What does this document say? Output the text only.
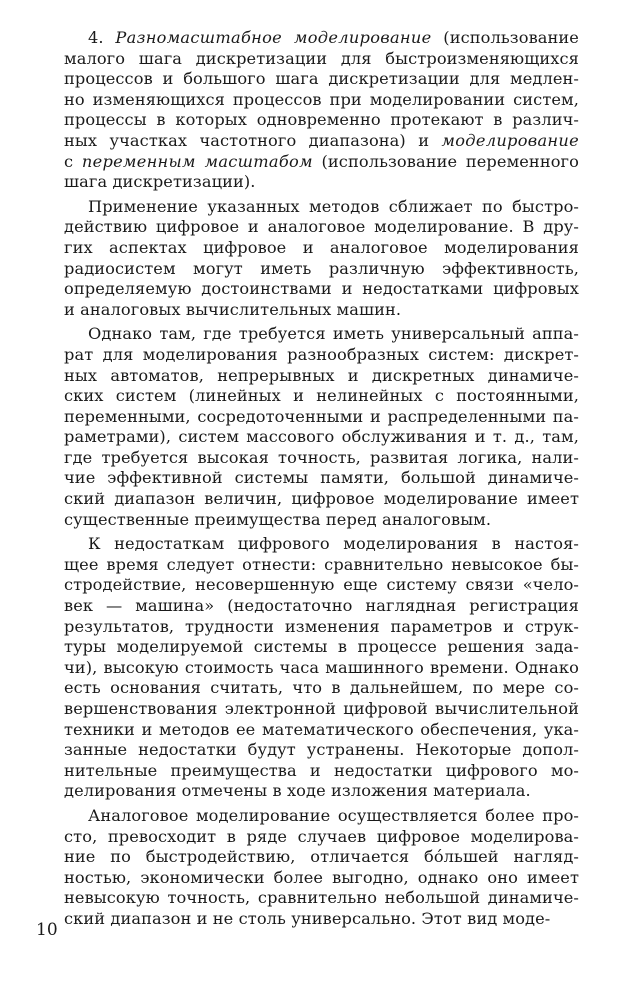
4. Разномасштабное моделирование (использование
малого шага дискретизации для быстроизменяющихся
процессов и большого шага дискретизации для медлен-
но изменяющихся процессов при моделировании систем,
процессы в которых одновременно протекают в различ-
ных участках частотного диапазона) и моделирование
с переменным масштабом (использование переменного
шага дискретизации).
Применение указанных методов сближает по быстро-
действию цифровое и аналоговое моделирование. В дру-
гих аспектах цифровое и аналоговое моделирования
радиосистем могут иметь различную эффективность,
определяемую достоинствами и недостатками цифровых
и аналоговых вычислительных машин.
Однако там, где требуется иметь универсальный аппа-
рат для моделирования разнообразных систем: дискрет-
ных автоматов, непрерывных и дискретных динамиче-
ских систем (линейных и нелинейных с постоянными,
переменными, сосредоточенными и распределенными па-
раметрами), систем массового обслуживания и т. д., там,
где требуется высокая точность, развитая логика, нали-
чие эффективной системы памяти, большой динамиче-
ский диапазон величин, цифровое моделирование имеет
существенные преимущества перед аналоговым.
К недостаткам цифрового моделирования в настоя-
щее время следует отнести: сравнительно невысокое бы-
стродействие, несовершенную еще систему связи «чело-
век — машина» (недостаточно наглядная регистрация
результатов, трудности изменения параметров и струк-
туры моделируемой системы в процессе решения зада-
чи), высокую стоимость часа машинного времени. Однако
есть основания считать, что в дальнейшем, по мере со-
вершенствования электронной цифровой вычислительной
техники и методов ее математического обеспечения, ука-
занные недостатки будут устранены. Некоторые допол-
нительные преимущества и недостатки цифрового мо-
делирования отмечены в ходе изложения материала.
Аналоговое моделирование осуществляется более про-
сто, превосходит в ряде случаев цифровое моделирова-
ние по быстродействию, отличается бóльшей нагляд-
ностью, экономически более выгодно, однако оно имеет
невысокую точность, сравнительно небольшой динамиче-
ский диапазон и не столь универсально. Этот вид моде-
10
